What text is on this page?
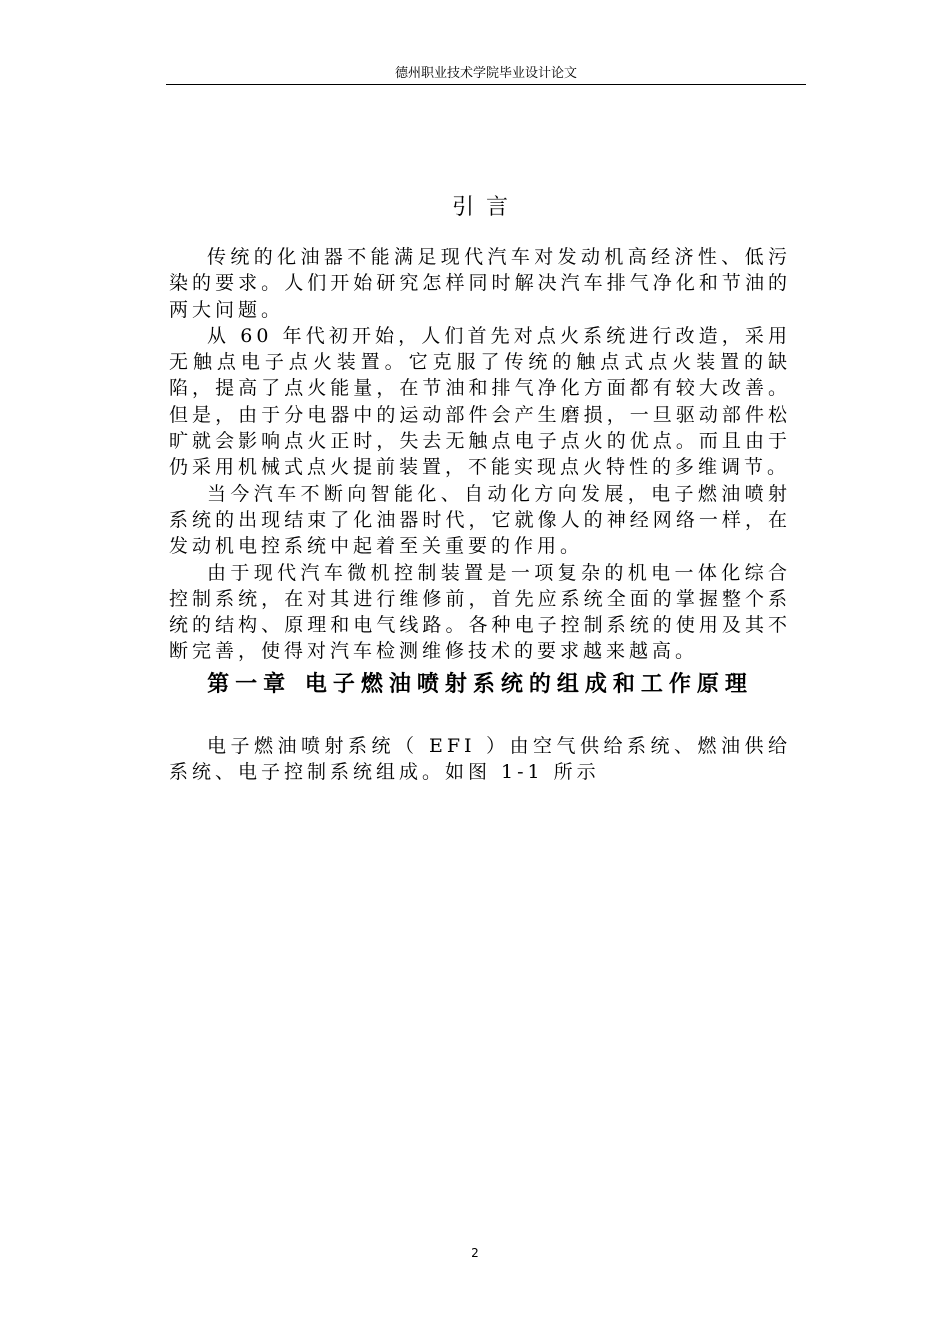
德州职业技术学院毕业设计论文
引言

传统的化油器不能满足现代汽车对发动机高经济性、低污染的要求。人们开始研究怎样同时解决汽车排气净化和节油的两大问题。

从 60 年代初开始，人们首先对点火系统进行改造，采用无触点电子点火装置。它克服了传统的触点式点火装置的缺陷，提高了点火能量，在节油和排气净化方面都有较大改善。但是，由于分电器中的运动部件会产生磨损，一旦驱动部件松旷就会影响点火正时，失去无触点电子点火的优点。而且由于仍采用机械式点火提前装置，不能实现点火特性的多维调节。

当今汽车不断向智能化、自动化方向发展，电子燃油喷射系统的出现结束了化油器时代，它就像人的神经网络一样，在发动机电控系统中起着至关重要的作用。

由于现代汽车微机控制装置是一项复杂的机电一体化综合控制系统，在对其进行维修前，首先应系统全面的掌握整个系统的结构、原理和电气线路。各种电子控制系统的使用及其不断完善，使得对汽车检测维修技术的要求越来越高。

第一章 电子燃油喷射系统的组成和工作原理

电子燃油喷射系统（ EFI ）由空气供给系统、燃油供给系统、电子控制系统组成。如图 1-1 所示

2
